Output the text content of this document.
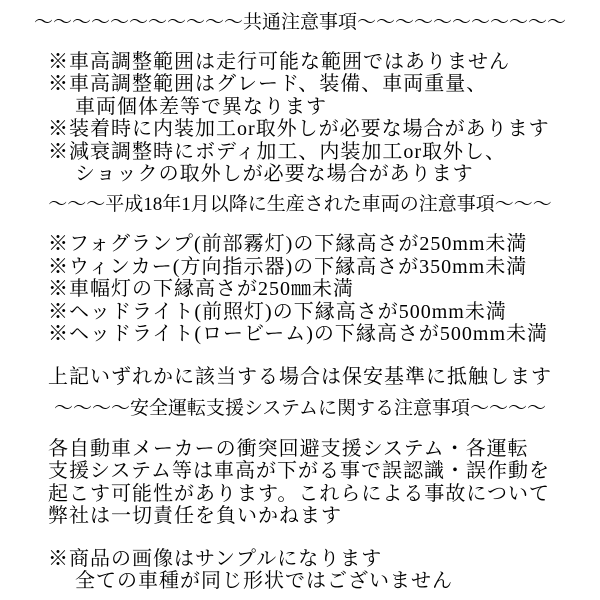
～～～～～～～～～～～共通注意事項～～～～～～～～～～～
※車高調整範囲は走行可能な範囲ではありません
※車高調整範囲はグレード、装備、車両重量、
車両個体差等で異なります
※装着時に内装加工or取外しが必要な場合があります
※減衰調整時にボディ加工、内装加工or取外し、
ショックの取外しが必要な場合があります
～～～平成18年1月以降に生産された車両の注意事項～～～
※フォグランプ(前部霧灯)の下縁高さが250mm未満
※ウィンカー(方向指示器)の下縁高さが350mm未満
※車幅灯の下縁高さが250㎜未満
※ヘッドライト(前照灯)の下縁高さが500mm未満
※ヘッドライト(ロービーム)の下縁高さが500mm未満
上記いずれかに該当する場合は保安基準に抵触します
～～～～安全運転支援システムに関する注意事項～～～～
各自動車メーカーの衝突回避支援システム・各運転
支援システム等は車高が下がる事で誤認識・誤作動を
起こす可能性があります。これらによる事故について
弊社は一切責任を負いかねます
※商品の画像はサンプルになります
全ての車種が同じ形状ではございません
